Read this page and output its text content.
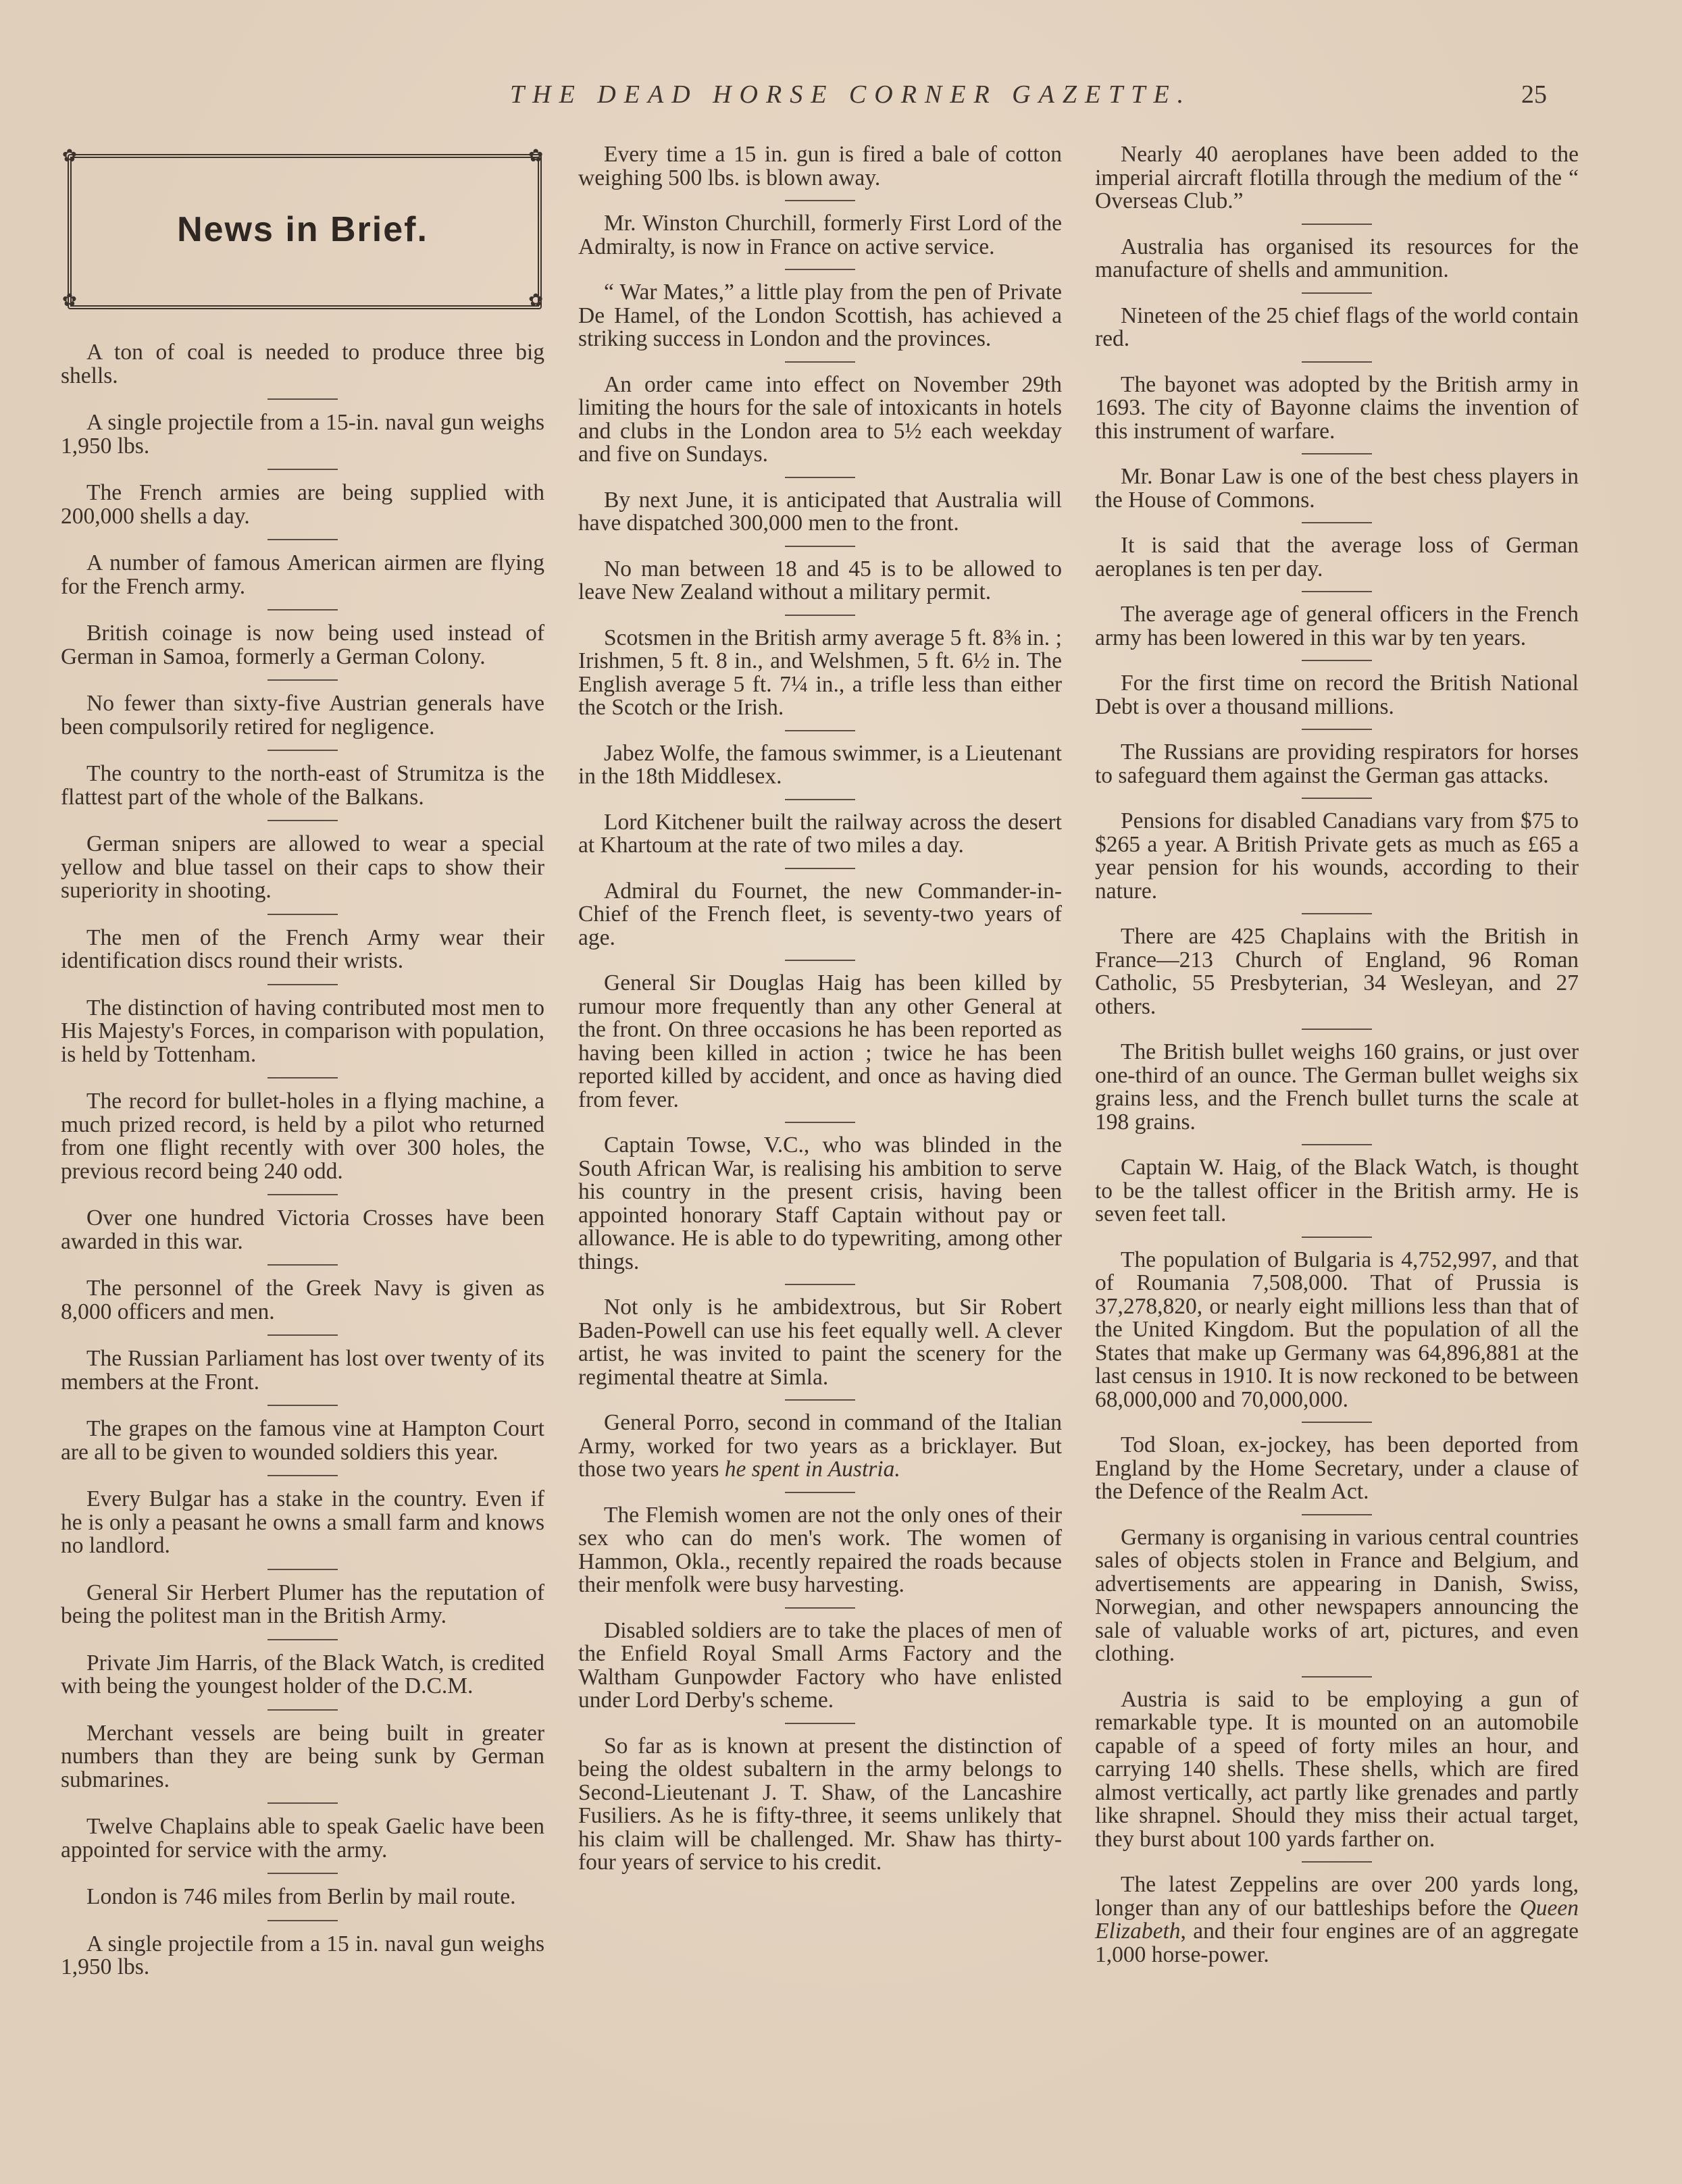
THE DEAD HORSE CORNER GAZETTE.	25
✿	✿
✿	✿
News in Brief.

A ton of coal is needed to produce three big shells.

A single projectile from a 15-in. naval gun weighs 1,950 lbs.

The French armies are being supplied with 200,000 shells a day.

A number of famous American airmen are flying for the French army.

British coinage is now being used instead of German in Samoa, formerly a German Colony.

No fewer than sixty-five Austrian generals have been compulsorily retired for negligence.

The country to the north-east of Strumitza is the flattest part of the whole of the Balkans.

German snipers are allowed to wear a special yellow and blue tassel on their caps to show their superiority in shooting.

The men of the French Army wear their identification discs round their wrists.

The distinction of having contributed most men to His Majesty's Forces, in comparison with population, is held by Tottenham.

The record for bullet-holes in a flying machine, a much prized record, is held by a pilot who returned from one flight recently with over 300 holes, the previous record being 240 odd.

Over one hundred Victoria Crosses have been awarded in this war.

The personnel of the Greek Navy is given as 8,000 officers and men.

The Russian Parliament has lost over twenty of its members at the Front.

The grapes on the famous vine at Hampton Court are all to be given to wounded soldiers this year.

Every Bulgar has a stake in the country. Even if he is only a peasant he owns a small farm and knows no landlord.

General Sir Herbert Plumer has the reputation of being the politest man in the British Army.

Private Jim Harris, of the Black Watch, is credited with being the youngest holder of the D.C.M.

Merchant vessels are being built in greater numbers than they are being sunk by German submarines.

Twelve Chaplains able to speak Gaelic have been appointed for service with the army.

London is 746 miles from Berlin by mail route.

A single projectile from a 15 in. naval gun weighs 1,950 lbs.

Every time a 15 in. gun is fired a bale of cotton weighing 500 lbs. is blown away.

Mr. Winston Churchill, formerly First Lord of the Admiralty, is now in France on active service.

“ War Mates,” a little play from the pen of Private De Hamel, of the London Scottish, has achieved a striking success in London and the provinces.

An order came into effect on November 29th limiting the hours for the sale of intoxicants in hotels and clubs in the London area to 5½ each weekday and five on Sundays.

By next June, it is anticipated that Australia will have dispatched 300,000 men to the front.

No man between 18 and 45 is to be allowed to leave New Zealand without a military permit.

Scotsmen in the British army average 5 ft. 8⅜ in. ; Irishmen, 5 ft. 8 in., and Welshmen, 5 ft. 6½ in. The English average 5 ft. 7¼ in., a trifle less than either the Scotch or the Irish.

Jabez Wolfe, the famous swimmer, is a Lieutenant in the 18th Middlesex.

Lord Kitchener built the railway across the desert at Khartoum at the rate of two miles a day.

Admiral du Fournet, the new Commander-in-Chief of the French fleet, is seventy-two years of age.

General Sir Douglas Haig has been killed by rumour more frequently than any other General at the front. On three occasions he has been reported as having been killed in action ; twice he has been reported killed by accident, and once as having died from fever.

Captain Towse, V.C., who was blinded in the South African War, is realising his ambition to serve his country in the present crisis, having been appointed honorary Staff Captain without pay or allowance. He is able to do typewriting, among other things.

Not only is he ambidextrous, but Sir Robert Baden-Powell can use his feet equally well. A clever artist, he was invited to paint the scenery for the regimental theatre at Simla.

General Porro, second in command of the Italian Army, worked for two years as a bricklayer. But those two years he spent in Austria.

The Flemish women are not the only ones of their sex who can do men's work. The women of Hammon, Okla., recently repaired the roads because their menfolk were busy harvesting.

Disabled soldiers are to take the places of men of the Enfield Royal Small Arms Factory and the Waltham Gunpowder Factory who have enlisted under Lord Derby's scheme.

So far as is known at present the distinction of being the oldest subaltern in the army belongs to Second-Lieutenant J. T. Shaw, of the Lancashire Fusiliers. As he is fifty-three, it seems unlikely that his claim will be challenged. Mr. Shaw has thirty-four years of service to his credit.

Nearly 40 aeroplanes have been added to the imperial aircraft flotilla through the medium of the “ Overseas Club.”

Australia has organised its resources for the manufacture of shells and ammunition.

Nineteen of the 25 chief flags of the world contain red.

The bayonet was adopted by the British army in 1693. The city of Bayonne claims the invention of this instrument of warfare.

Mr. Bonar Law is one of the best chess players in the House of Commons.

It is said that the average loss of German aeroplanes is ten per day.

The average age of general officers in the French army has been lowered in this war by ten years.

For the first time on record the British National Debt is over a thousand millions.

The Russians are providing respirators for horses to safeguard them against the German gas attacks.

Pensions for disabled Canadians vary from $75 to $265 a year. A British Private gets as much as £65 a year pension for his wounds, according to their nature.

There are 425 Chaplains with the British in France—213 Church of England, 96 Roman Catholic, 55 Presbyterian, 34 Wesleyan, and 27 others.

The British bullet weighs 160 grains, or just over one-third of an ounce. The German bullet weighs six grains less, and the French bullet turns the scale at 198 grains.

Captain W. Haig, of the Black Watch, is thought to be the tallest officer in the British army. He is seven feet tall.

The population of Bulgaria is 4,752,997, and that of Roumania 7,508,000. That of Prussia is 37,278,820, or nearly eight millions less than that of the United Kingdom. But the population of all the States that make up Germany was 64,896,881 at the last census in 1910. It is now reckoned to be between 68,000,000 and 70,000,000.

Tod Sloan, ex-jockey, has been deported from England by the Home Secretary, under a clause of the Defence of the Realm Act.

Germany is organising in various central countries sales of objects stolen in France and Belgium, and advertisements are appearing in Danish, Swiss, Norwegian, and other newspapers announcing the sale of valuable works of art, pictures, and even clothing.

Austria is said to be employing a gun of remarkable type. It is mounted on an automobile capable of a speed of forty miles an hour, and carrying 140 shells. These shells, which are fired almost vertically, act partly like grenades and partly like shrapnel. Should they miss their actual target, they burst about 100 yards farther on.

The latest Zeppelins are over 200 yards long, longer than any of our battleships before the Queen Elizabeth, and their four engines are of an aggregate 1,000 horse-power.
